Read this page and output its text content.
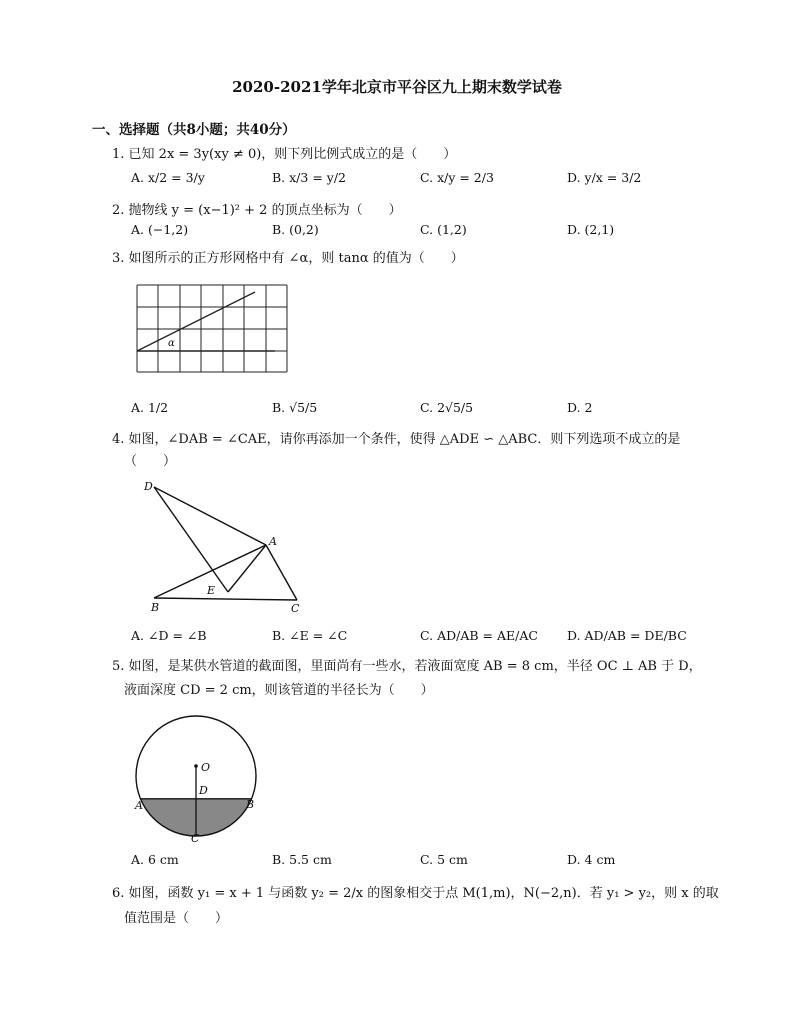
2020-2021学年北京市平谷区九上期末数学试卷
一、选择题（共8小题；共40分）
1. 已知 2x = 3y(xy ≠ 0)，则下列比例式成立的是（　　）
A. x/2 = 3/y	B. x/3 = y/2	C. x/y = 2/3	D. y/x = 3/2
2. 抛物线 y = (x−1)² + 2 的顶点坐标为（　　）
A. (−1,2)	B. (0,2)	C. (1,2)	D. (2,1)
3. 如图所示的正方形网格中有 ∠α，则 tanα 的值为（　　）
α
A. 1/2	B. √5/5	C. 2√5/5	D. 2
4. 如图，∠DAB = ∠CAE，请你再添加一个条件，使得 △ADE ∽ △ABC．则下列选项不成立的是
（　　）
D
A
E
B	C
A. ∠D = ∠B	B. ∠E = ∠C	C. AD/AB = AE/AC D. AD/AB = DE/BC
5. 如图，是某供水管道的截面图，里面尚有一些水，若液面宽度 AB = 8 cm，半径 OC ⊥ AB 于 D，
液面深度 CD = 2 cm，则该管道的半径长为（　　）
O
D
A	B
C
A. 6 cm	B. 5.5 cm	C. 5 cm	D. 4 cm
6. 如图，函数 y₁ = x + 1 与函数 y₂ = 2/x 的图象相交于点 M(1,m)，N(−2,n)．若 y₁ > y₂，则 x 的取
值范围是（　　）
